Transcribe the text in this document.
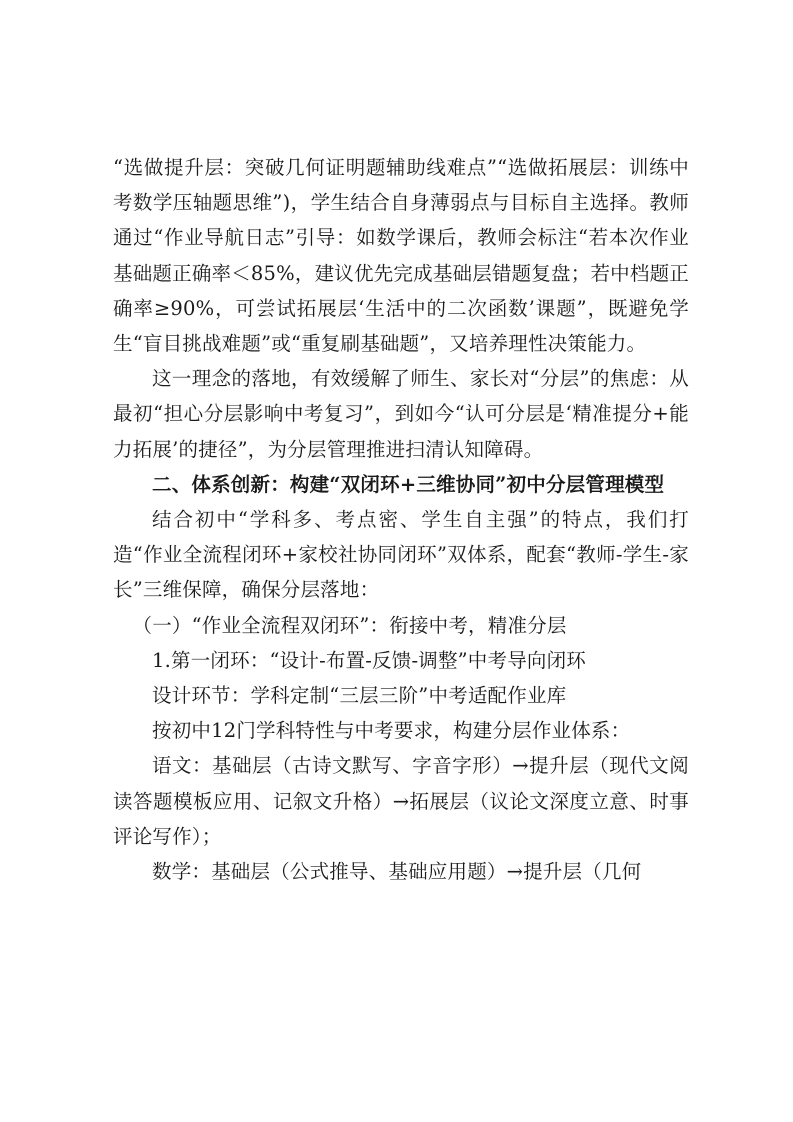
“选做提升层：突破几何证明题辅助线难点”“选做拓展层：训练中考数学压轴题思维”)，学生结合自身薄弱点与目标自主选择。教师通过“作业导航日志”引导：如数学课后，教师会标注“若本次作业基础题正确率＜85%，建议优先完成基础层错题复盘；若中档题正确率≥90%，可尝试拓展层‘生活中的二次函数’课题”，既避免学生“盲目挑战难题”或“重复刷基础题”，又培养理性决策能力。

这一理念的落地，有效缓解了师生、家长对“分层”的焦虑：从最初“担心分层影响中考复习”，到如今“认可分层是‘精准提分+能力拓展’的捷径”，为分层管理推进扫清认知障碍。

二、体系创新：构建“双闭环+三维协同”初中分层管理模型

结合初中“学科多、考点密、学生自主强”的特点，我们打造“作业全流程闭环+家校社协同闭环”双体系，配套“教师-学生-家长”三维保障，确保分层落地：

（一）“作业全流程双闭环”：衔接中考，精准分层

1.第一闭环：“设计-布置-反馈-调整”中考导向闭环

设计环节：学科定制“三层三阶”中考适配作业库

按初中12门学科特性与中考要求，构建分层作业体系：

语文：基础层（古诗文默写、字音字形）→提升层（现代文阅读答题模板应用、记叙文升格）→拓展层（议论文深度立意、时事评论写作）；

数学：基础层（公式推导、基础应用题）→提升层（几何
